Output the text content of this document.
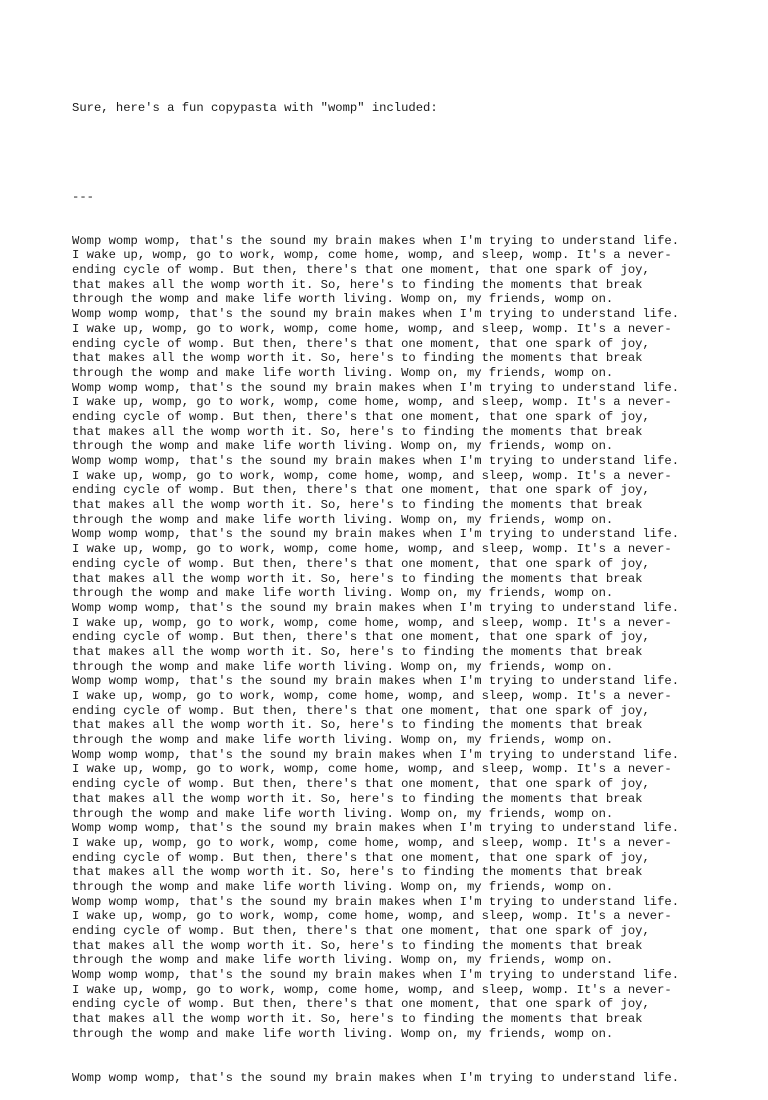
Sure, here's a fun copypasta with "womp" included:

---

Womp womp womp, that's the sound my brain makes when I'm trying to understand life.
I wake up, womp, go to work, womp, come home, womp, and sleep, womp. It's a never-
ending cycle of womp. But then, there's that one moment, that one spark of joy,
that makes all the womp worth it. So, here's to finding the moments that break
through the womp and make life worth living. Womp on, my friends, womp on.
Womp womp womp, that's the sound my brain makes when I'm trying to understand life.
I wake up, womp, go to work, womp, come home, womp, and sleep, womp. It's a never-
ending cycle of womp. But then, there's that one moment, that one spark of joy,
that makes all the womp worth it. So, here's to finding the moments that break
through the womp and make life worth living. Womp on, my friends, womp on.
Womp womp womp, that's the sound my brain makes when I'm trying to understand life.
I wake up, womp, go to work, womp, come home, womp, and sleep, womp. It's a never-
ending cycle of womp. But then, there's that one moment, that one spark of joy,
that makes all the womp worth it. So, here's to finding the moments that break
through the womp and make life worth living. Womp on, my friends, womp on.
Womp womp womp, that's the sound my brain makes when I'm trying to understand life.
I wake up, womp, go to work, womp, come home, womp, and sleep, womp. It's a never-
ending cycle of womp. But then, there's that one moment, that one spark of joy,
that makes all the womp worth it. So, here's to finding the moments that break
through the womp and make life worth living. Womp on, my friends, womp on.
Womp womp womp, that's the sound my brain makes when I'm trying to understand life.
I wake up, womp, go to work, womp, come home, womp, and sleep, womp. It's a never-
ending cycle of womp. But then, there's that one moment, that one spark of joy,
that makes all the womp worth it. So, here's to finding the moments that break
through the womp and make life worth living. Womp on, my friends, womp on.
Womp womp womp, that's the sound my brain makes when I'm trying to understand life.
I wake up, womp, go to work, womp, come home, womp, and sleep, womp. It's a never-
ending cycle of womp. But then, there's that one moment, that one spark of joy,
that makes all the womp worth it. So, here's to finding the moments that break
through the womp and make life worth living. Womp on, my friends, womp on.
Womp womp womp, that's the sound my brain makes when I'm trying to understand life.
I wake up, womp, go to work, womp, come home, womp, and sleep, womp. It's a never-
ending cycle of womp. But then, there's that one moment, that one spark of joy,
that makes all the womp worth it. So, here's to finding the moments that break
through the womp and make life worth living. Womp on, my friends, womp on.
Womp womp womp, that's the sound my brain makes when I'm trying to understand life.
I wake up, womp, go to work, womp, come home, womp, and sleep, womp. It's a never-
ending cycle of womp. But then, there's that one moment, that one spark of joy,
that makes all the womp worth it. So, here's to finding the moments that break
through the womp and make life worth living. Womp on, my friends, womp on.
Womp womp womp, that's the sound my brain makes when I'm trying to understand life.
I wake up, womp, go to work, womp, come home, womp, and sleep, womp. It's a never-
ending cycle of womp. But then, there's that one moment, that one spark of joy,
that makes all the womp worth it. So, here's to finding the moments that break
through the womp and make life worth living. Womp on, my friends, womp on.
Womp womp womp, that's the sound my brain makes when I'm trying to understand life.
I wake up, womp, go to work, womp, come home, womp, and sleep, womp. It's a never-
ending cycle of womp. But then, there's that one moment, that one spark of joy,
that makes all the womp worth it. So, here's to finding the moments that break
through the womp and make life worth living. Womp on, my friends, womp on.
Womp womp womp, that's the sound my brain makes when I'm trying to understand life.
I wake up, womp, go to work, womp, come home, womp, and sleep, womp. It's a never-
ending cycle of womp. But then, there's that one moment, that one spark of joy,
that makes all the womp worth it. So, here's to finding the moments that break
through the womp and make life worth living. Womp on, my friends, womp on.

Womp womp womp, that's the sound my brain makes when I'm trying to understand life.
